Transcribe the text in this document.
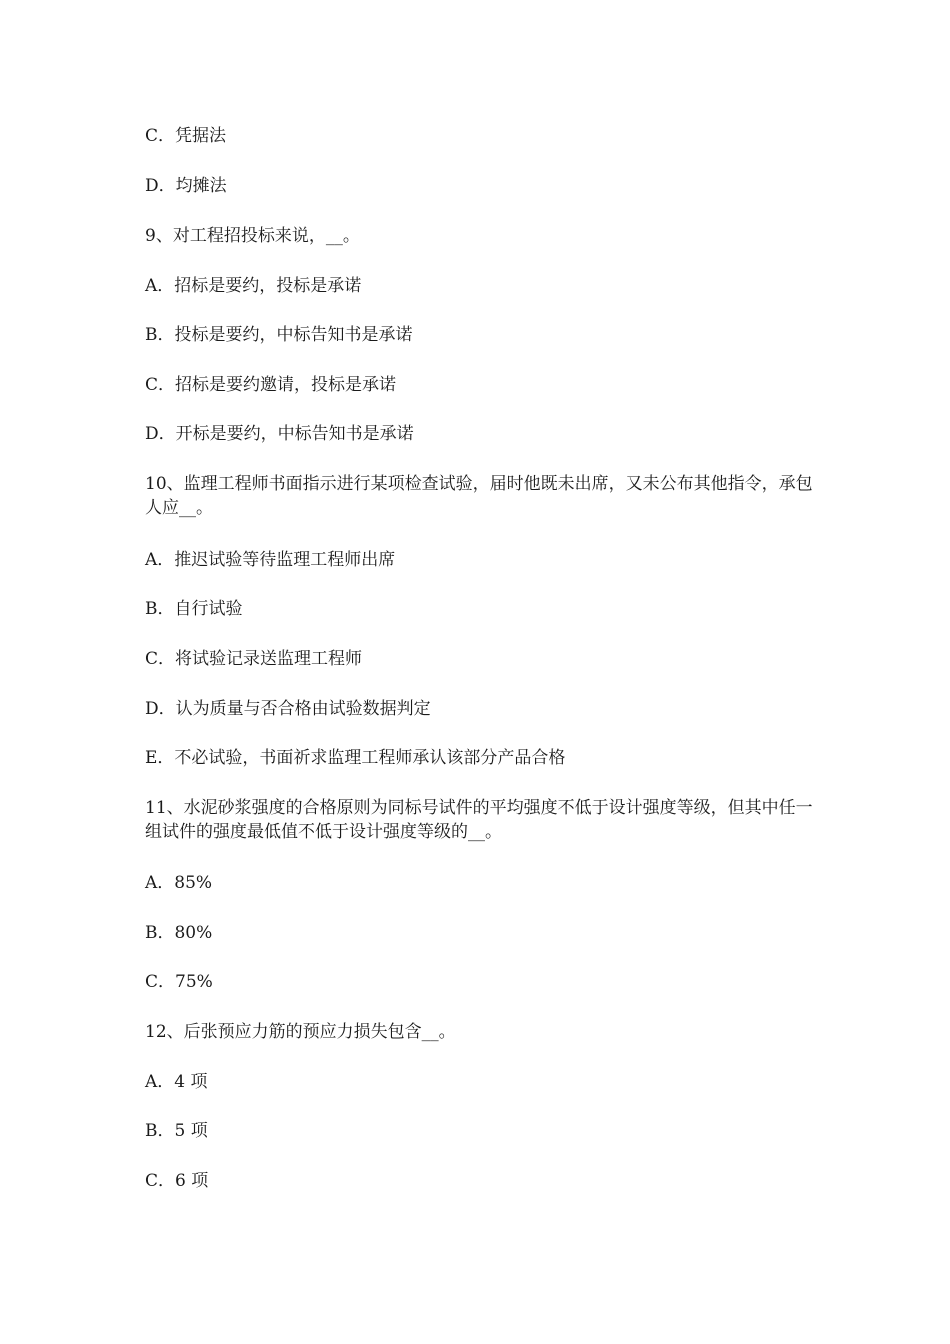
C．凭据法
D．均摊法
9、对工程招投标来说，__。
A．招标是要约，投标是承诺
B．投标是要约，中标告知书是承诺
C．招标是要约邀请，投标是承诺
D．开标是要约，中标告知书是承诺
10、监理工程师书面指示进行某项检查试验，届时他既未出席，又未公布其他指令，承包人应__。
A．推迟试验等待监理工程师出席
B．自行试验
C．将试验记录送监理工程师
D．认为质量与否合格由试验数据判定
E．不必试验，书面祈求监理工程师承认该部分产品合格
11、水泥砂浆强度的合格原则为同标号试件的平均强度不低于设计强度等级，但其中任一组试件的强度最低值不低于设计强度等级的__。
A．85%
B．80%
C．75%
12、后张预应力筋的预应力损失包含__。
A．4 项
B．5 项
C．6 项
